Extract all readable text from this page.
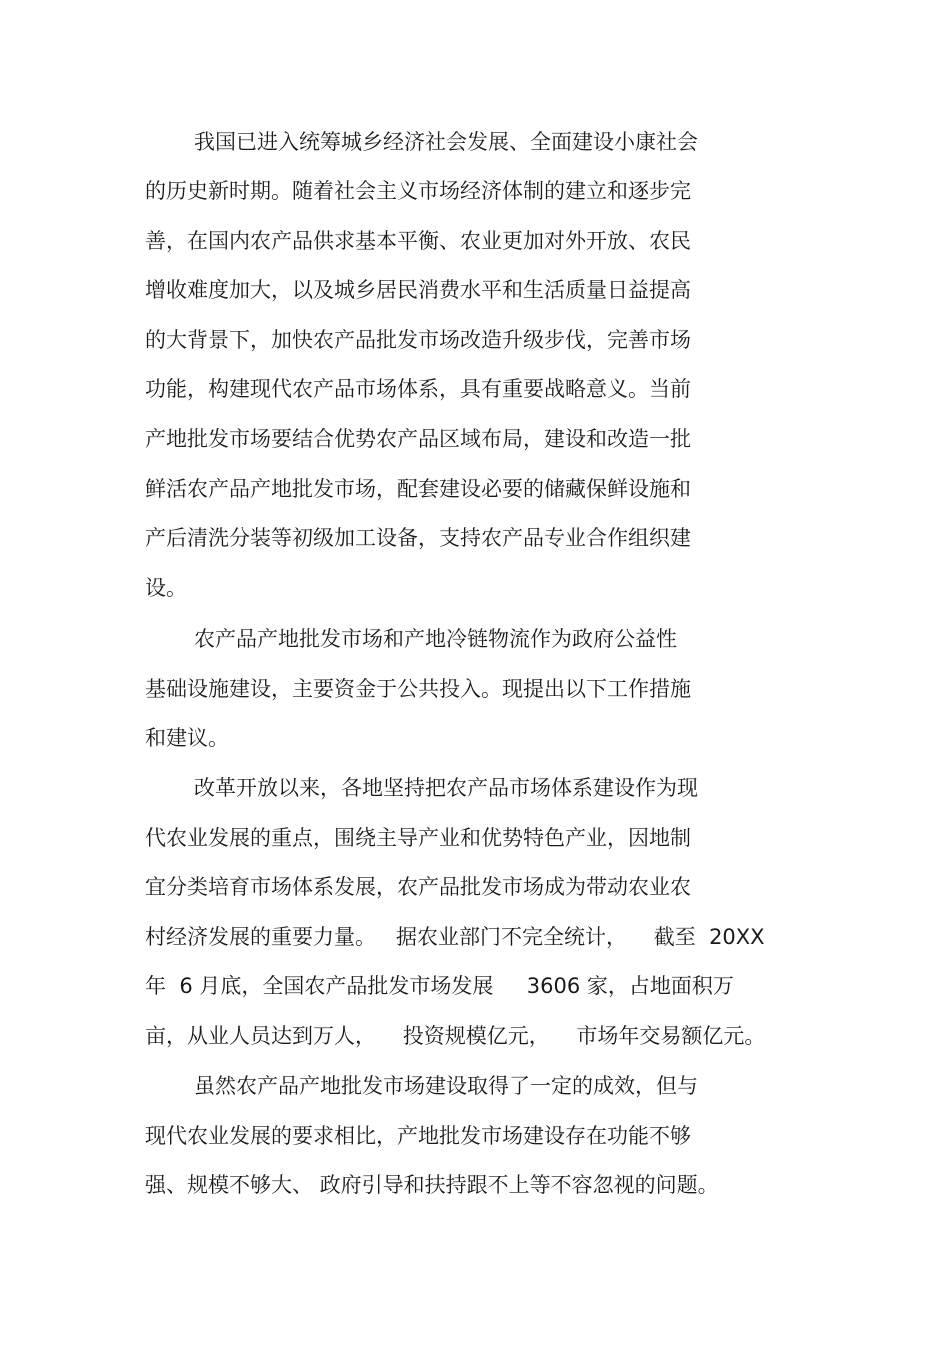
我国已进入统筹城乡经济社会发展、全面建设小康社会
的历史新时期。随着社会主义市场经济体制的建立和逐步完
善，在国内农产品供求基本平衡、农业更加对外开放、农民
增收难度加大，以及城乡居民消费水平和生活质量日益提高
的大背景下，加快农产品批发市场改造升级步伐，完善市场
功能，构建现代农产品市场体系，具有重要战略意义。当前
产地批发市场要结合优势农产品区域布局，建设和改造一批
鲜活农产品产地批发市场，配套建设必要的储藏保鲜设施和
产后清洗分装等初级加工设备，支持农产品专业合作组织建
设。
农产品产地批发市场和产地冷链物流作为政府公益性
基础设施建设，主要资金于公共投入。现提出以下工作措施
和建议。
改革开放以来，各地坚持把农产品市场体系建设作为现
代农业发展的重点，围绕主导产业和优势特色产业，因地制
宜分类培育市场体系发展，农产品批发市场成为带动农业农
村经济发展的重要力量。   据农业部门不完全统计，    截至  20XX
年  6 月底，全国农产品批发市场发展     3606 家，占地面积万
亩，从业人员达到万人，    投资规模亿元，    市场年交易额亿元。
虽然农产品产地批发市场建设取得了一定的成效，但与
现代农业发展的要求相比，产地批发市场建设存在功能不够
强、规模不够大、 政府引导和扶持跟不上等不容忽视的问题。
